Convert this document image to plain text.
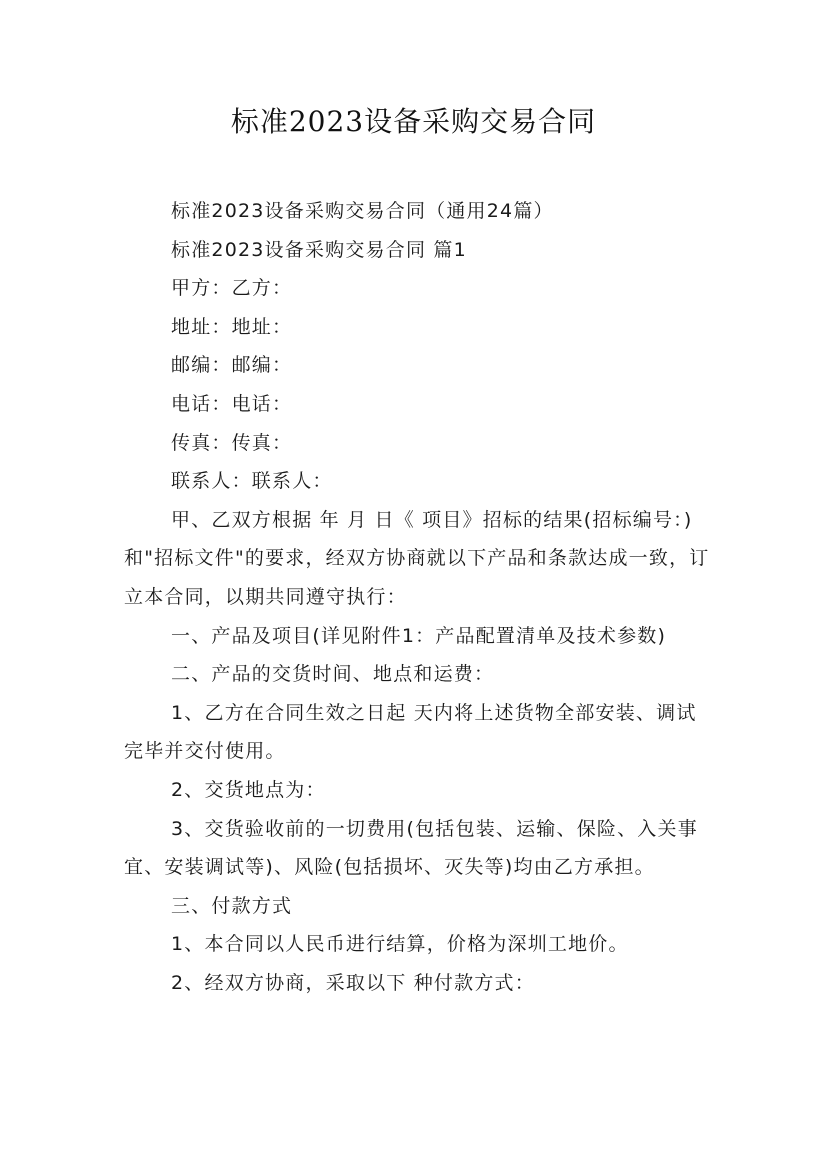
标准2023设备采购交易合同

标准2023设备采购交易合同（通用24篇）

标准2023设备采购交易合同 篇1

甲方：乙方：

地址：地址：

邮编：邮编：

电话：电话：

传真：传真：

联系人：联系人：

甲、乙双方根据 年 月 日《 项目》招标的结果(招标编号：)和"招标文件"的要求，经双方协商就以下产品和条款达成一致，订立本合同，以期共同遵守执行：

一、产品及项目(详见附件1：产品配置清单及技术参数)

二、产品的交货时间、地点和运费：

1、乙方在合同生效之日起 天内将上述货物全部安装、调试完毕并交付使用。

2、交货地点为：

3、交货验收前的一切费用(包括包装、运输、保险、入关事宜、安装调试等)、风险(包括损坏、灭失等)均由乙方承担。

三、付款方式

1、本合同以人民币进行结算，价格为深圳工地价。

2、经双方协商，采取以下 种付款方式：
